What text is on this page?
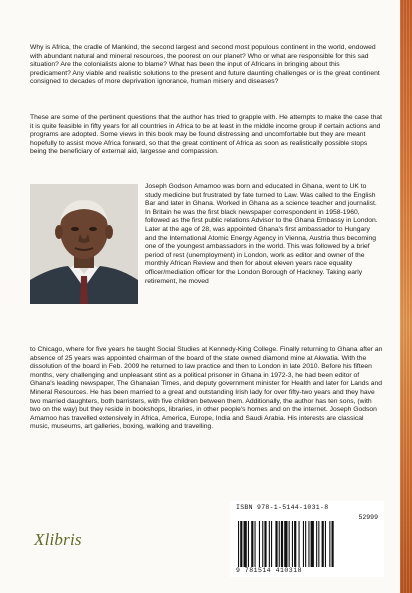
Why is Africa, the cradle of Mankind, the second largest and second most populous continent in the world, endowed with abundant natural and mineral resources, the poorest on our planet? Who or what are responsible for this sad situation? Are the colonialists alone to blame? What has been the input of Africans in bringing about this predicament? Any viable and realistic solutions to the present and future daunting challenges or is the great continent consigned to decades of more deprivation ignorance, human misery and diseases?

These are some of the pertinent questions that the author has tried to grapple with. He attempts to make the case that it is quite feasible in fifty years for all countries in Africa to be at least in the middle income group if certain actions and programs are adopted. Some views in this book may be found distressing and uncomfortable but they are meant hopefully to assist move Africa forward, so that the great continent of Africa as soon as realistically possible stops being the beneficiary of external aid, largesse and compassion.

Joseph Godson Amamoo was born and educated in Ghana, went to UK to study medicine but frustrated by fate turned to Law. Was called to the English Bar and later in Ghana. Worked in Ghana as a science teacher and journalist. In Britain he was the first black newspaper correspondent in 1958-1960, followed as the first public relations Advisor to the Ghana Embassy in London. Later at the age of 28, was appointed Ghana's first ambassador to Hungary and the International Atomic Energy Agency in Vienna, Austria thus becoming one of the youngest ambassadors in the world. This was followed by a brief period of rest (unemployment) in London, work as editor and owner of the monthly African Review and then for about eleven years race equality officer/mediation officer for the London Borough of Hackney. Taking early retirement, he moved

to Chicago, where for five years he taught Social Studies at Kennedy-King College. Finally returning to Ghana after an absence of 25 years was appointed chairman of the board of the state owned diamond mine at Akwatia. With the dissolution of the board in Feb. 2009 he returned to law practice and then to London in late 2010. Before his fifteen months, very challenging and unpleasant stint as a political prisoner in Ghana in 1972-3, he had been editor of Ghana's leading newspaper, The Ghanaian Times, and deputy government minister for Health and later for Lands and Mineral Resources. He has been married to a great and outstanding Irish lady for over fifty-two years and they have two married daughters, both barristers, with five children between them. Additionally, the author has ten sons, (with two on the way) but they reside in bookshops, libraries, in other people's homes and on the internet. Joseph Godson Amamoo has travelled extensively in Africa, America, Europe, India and Saudi Arabia. His interests are classical music, museums, art galleries, boxing, walking and travelling.

Xlibris
ISBN 978-1-5144-1031-8
52999
9 781514 410318
